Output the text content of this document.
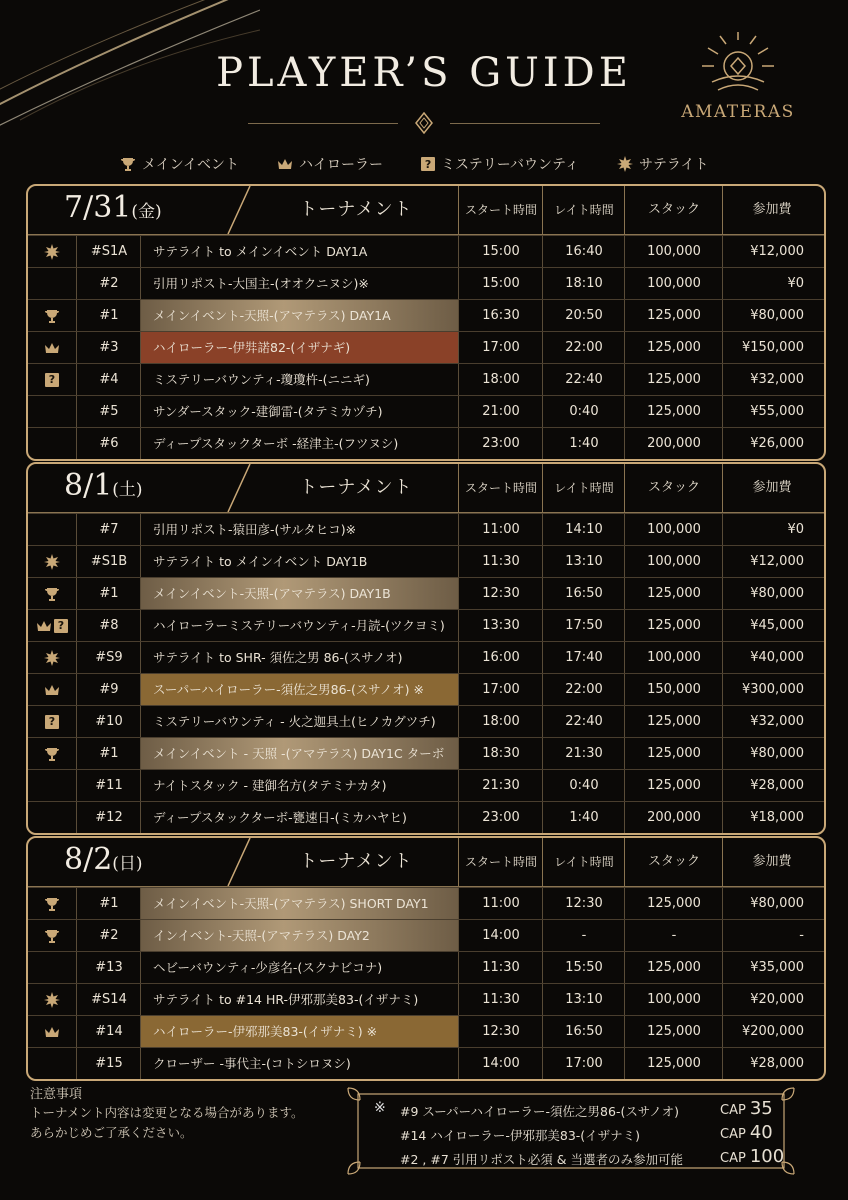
PLAYER’S GUIDE
AMATERAS
メインイベント	ハイローラー	? ミステリーバウンティ	サテライト
7/31(金)	トーナメント	スタート時間	レイト時間	スタック	参加費
#S1A	サテライト to メインイベント DAY1A	15:00	16:40	100,000	¥12,000
#2	引用リポスト-大国主-(オオクニヌシ)※	15:00	18:10	100,000	¥0
#1	メインイベント-天照-(アマテラス) DAY1A	16:30	20:50	125,000	¥80,000
#3	ハイローラー-伊弉諾82-(イザナギ)	17:00	22:00	125,000	¥150,000
?	#4	ミステリーバウンティ-瓊瓊杵-(ニニギ)	18:00	22:40	125,000	¥32,000
#5	サンダースタック-建御雷-(タテミカヅチ)	21:00	0:40	125,000	¥55,000
#6	ディープスタックターボ -経津主-(フツヌシ)	23:00	1:40	200,000	¥26,000
8/1(土)	トーナメント	スタート時間	レイト時間	スタック	参加費
#7	引用リポスト-猿田彦-(サルタヒコ)※	11:00	14:10	100,000	¥0
#S1B	サテライト to メインイベント DAY1B	11:30	13:10	100,000	¥12,000
#1	メインイベント-天照-(アマテラス) DAY1B	12:30	16:50	125,000	¥80,000
?	#8	ハイローラーミステリーバウンティ-月読-(ツクヨミ)	13:30	17:50	125,000	¥45,000
#S9	サテライト to SHR- 須佐之男 86-(スサノオ)	16:00	17:40	100,000	¥40,000
#9	スーパーハイローラー-須佐之男86-(スサノオ) ※	17:00	22:00	150,000	¥300,000
?	#10	ミステリーバウンティ - 火之迦具土(ヒノカグツチ)	18:00	22:40	125,000	¥32,000
#1	メインイベント - 天照 -(アマテラス) DAY1C ターボ	18:30	21:30	125,000	¥80,000
#11	ナイトスタック - 建御名方(タテミナカタ)	21:30	0:40	125,000	¥28,000
#12	ディープスタックターボ-甕速日-(ミカハヤヒ)	23:00	1:40	200,000	¥18,000
8/2(日)	トーナメント	スタート時間	レイト時間	スタック	参加費
#1	メインイベント-天照-(アマテラス) SHORT DAY1	11:00	12:30	125,000	¥80,000
#2	インイベント-天照-(アマテラス) DAY2	14:00	-	-	-
#13	ヘビーバウンティ-少彦名-(スクナビコナ)	11:30	15:50	125,000	¥35,000
#S14	サテライト to #14 HR-伊邪那美83-(イザナミ)	11:30	13:10	100,000	¥20,000
#14	ハイローラー-伊邪那美83-(イザナミ) ※	12:30	16:50	125,000	¥200,000
#15	クローザー -事代主-(コトシロヌシ)	14:00	17:00	125,000	¥28,000
注意事項
トーナメント内容は変更となる場合があります。
あらかじめご了承ください。
※ #9 スーパーハイローラー-須佐之男86-(スサノオ)	CAP 35
#14 ハイローラー-伊邪那美83-(イザナミ)	CAP 40
#2 , #7 引用リポスト必須 & 当選者のみ参加可能	CAP 100
